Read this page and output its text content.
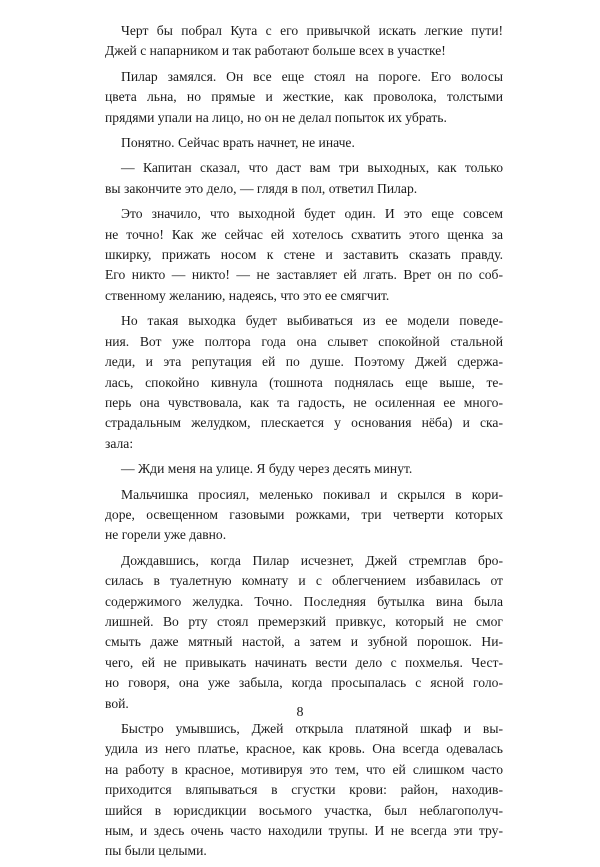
Черт бы побрал Кута с его привычкой искать легкие пути!
Джей с напарником и так работают больше всех в участке!
Пилар замялся. Он все еще стоял на пороге. Его волосы
цвета льна, но прямые и жесткие, как проволока, толстыми
прядями упали на лицо, но он не делал попыток их убрать.
Понятно. Сейчас врать начнет, не иначе.
— Капитан сказал, что даст вам три выходных, как только
вы закончите это дело, — глядя в пол, ответил Пилар.
Это значило, что выходной будет один. И это еще совсем
не точно! Как же сейчас ей хотелось схватить этого щенка за
шкирку, прижать носом к стене и заставить сказать правду.
Его никто — никто! — не заставляет ей лгать. Врет он по соб-
ственному желанию, надеясь, что это ее смягчит.
Но такая выходка будет выбиваться из ее модели поведе-
ния. Вот уже полтора года она слывет спокойной стальной
леди, и эта репутация ей по душе. Поэтому Джей сдержа-
лась, спокойно кивнула (тошнота поднялась еще выше, те-
перь она чувствовала, как та гадость, не осиленная ее много-
страдальным желудком, плескается у основания нёба) и ска-
зала:
— Жди меня на улице. Я буду через десять минут.
Мальчишка просиял, меленько покивал и скрылся в кори-
доре, освещенном газовыми рожками, три четверти которых
не горели уже давно.
Дождавшись, когда Пилар исчезнет, Джей стремглав бро-
силась в туалетную комнату и с облегчением избавилась от
содержимого желудка. Точно. Последняя бутылка вина была
лишней. Во рту стоял премерзкий привкус, который не смог
смыть даже мятный настой, а затем и зубной порошок. Ни-
чего, ей не привыкать начинать вести дело с похмелья. Чест-
но говоря, она уже забыла, когда просыпалась с ясной голо-
вой.
Быстро умывшись, Джей открыла платяной шкаф и вы-
удила из него платье, красное, как кровь. Она всегда одевалась
на работу в красное, мотивируя это тем, что ей слишком часто
приходится вляпываться в сгустки крови: район, находив-
шийся в юрисдикции восьмого участка, был неблагополуч-
ным, и здесь очень часто находили трупы. И не всегда эти тру-
пы были целыми.
8
